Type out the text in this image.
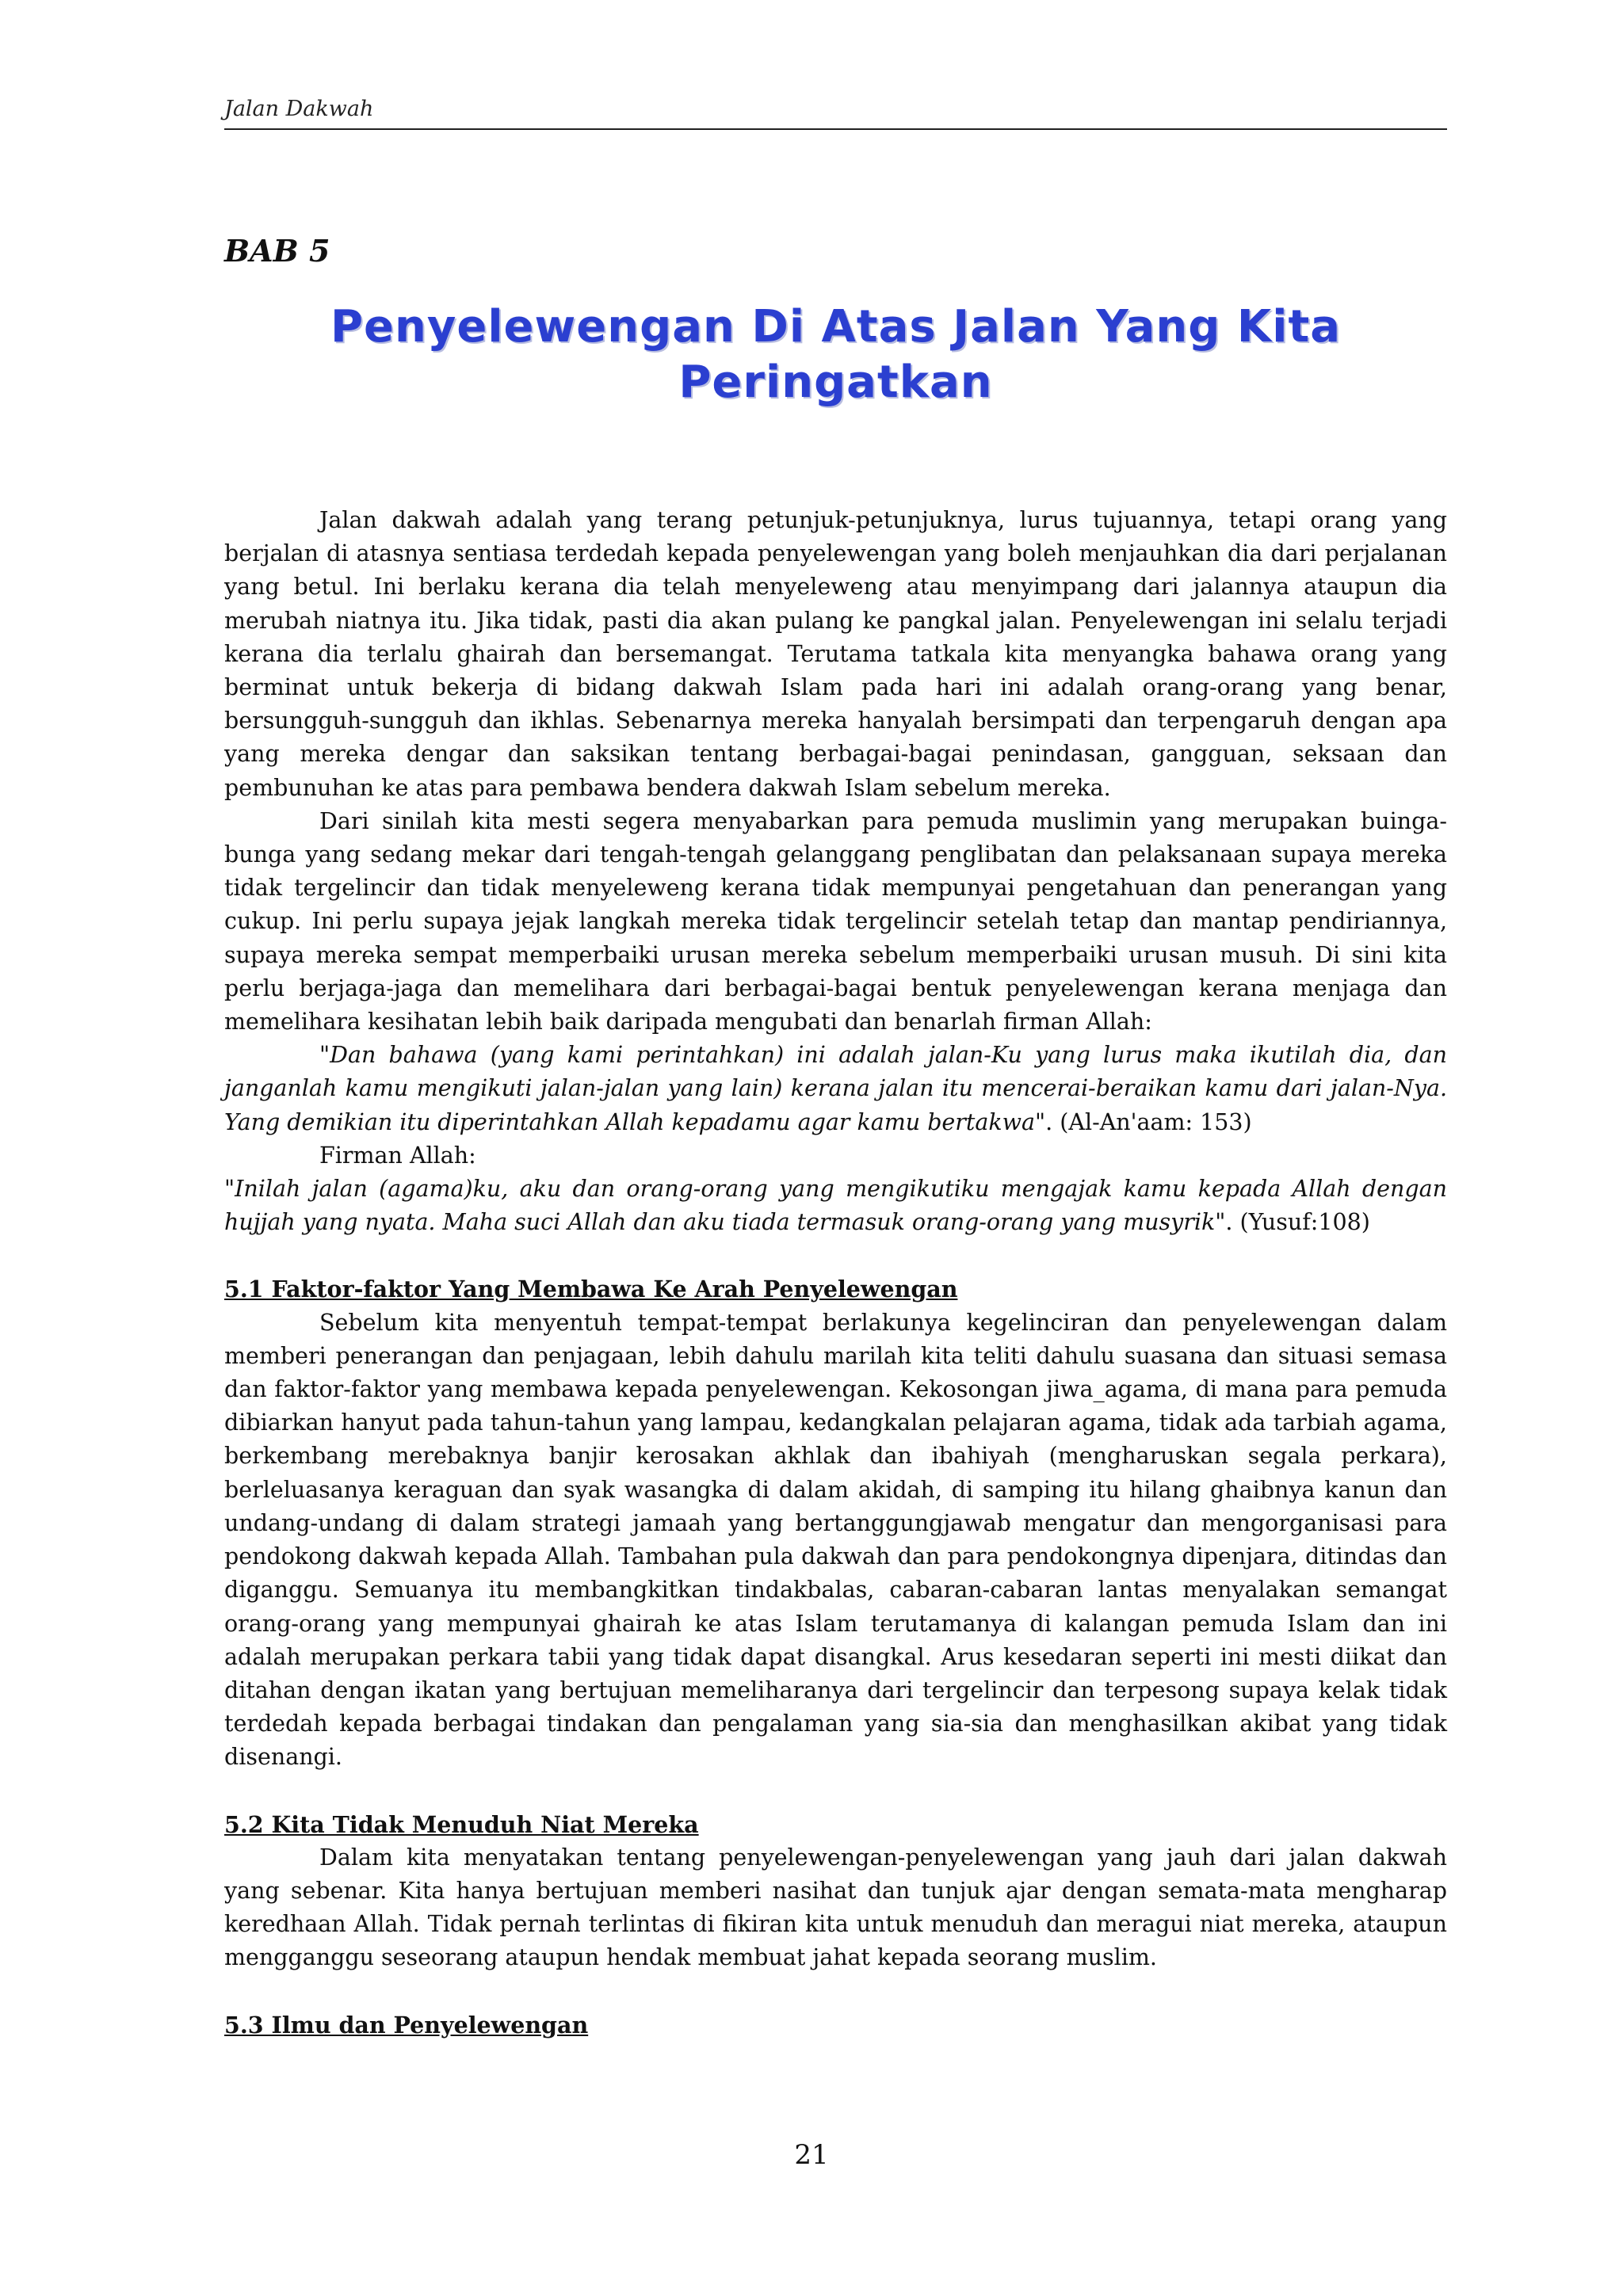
Jalan Dakwah
BAB 5
Penyelewengan Di Atas Jalan Yang Kita
Peringatkan

Jalan dakwah adalah yang terang petunjuk-petunjuknya, lurus tujuannya, tetapi orang yang berjalan di atasnya sentiasa terdedah kepada penyelewengan yang boleh menjauhkan dia dari perjalanan yang betul. Ini berlaku kerana dia telah menyeleweng atau menyimpang dari jalannya ataupun dia merubah niatnya itu. Jika tidak, pasti dia akan pulang ke pangkal jalan. Penyelewengan ini selalu terjadi kerana dia terlalu ghairah dan bersemangat. Terutama tatkala kita menyangka bahawa orang yang berminat untuk bekerja di bidang dakwah Islam pada hari ini adalah orang-orang yang benar, bersungguh-sungguh dan ikhlas. Sebenarnya mereka hanyalah bersimpati dan terpengaruh dengan apa yang mereka dengar dan saksikan tentang berbagai-bagai penindasan, gangguan, seksaan dan pembunuhan ke atas para pembawa bendera dakwah Islam sebelum mereka.

Dari sinilah kita mesti segera menyabarkan para pemuda muslimin yang merupakan buinga-bunga yang sedang mekar dari tengah-tengah gelanggang penglibatan dan pelaksanaan supaya mereka tidak tergelincir dan tidak menyeleweng kerana tidak mempunyai pengetahuan dan penerangan yang cukup. Ini perlu supaya jejak langkah mereka tidak tergelincir setelah tetap dan mantap pendiriannya, supaya mereka sempat memperbaiki urusan mereka sebelum memperbaiki urusan musuh. Di sini kita perlu berjaga-jaga dan memelihara dari berbagai-bagai bentuk penyelewengan kerana menjaga dan memelihara kesihatan lebih baik daripada mengubati dan benarlah firman Allah:

"Dan bahawa (yang kami perintahkan) ini adalah jalan-Ku yang lurus maka ikutilah dia, dan janganlah kamu mengikuti jalan-jalan yang lain) kerana jalan itu mencerai-beraikan kamu dari jalan-Nya. Yang demikian itu diperintahkan Allah kepadamu agar kamu bertakwa". (Al-An'aam: 153)

Firman Allah:

"Inilah jalan (agama)ku, aku dan orang-orang yang mengikutiku mengajak kamu kepada Allah dengan hujjah yang nyata. Maha suci Allah dan aku tiada termasuk orang-orang yang musyrik". (Yusuf:108)

5.1 Faktor-faktor Yang Membawa Ke Arah Penyelewengan

Sebelum kita menyentuh tempat-tempat berlakunya kegelinciran dan penyelewengan dalam memberi penerangan dan penjagaan, lebih dahulu marilah kita teliti dahulu suasana dan situasi semasa dan faktor-faktor yang membawa kepada penyelewengan. Kekosongan jiwa_agama, di mana para pemuda dibiarkan hanyut pada tahun-tahun yang lampau, kedangkalan pelajaran agama, tidak ada tarbiah agama, berkembang merebaknya banjir kerosakan akhlak dan ibahiyah (mengharuskan segala perkara), berleluasanya keraguan dan syak wasangka di dalam akidah, di samping itu hilang ghaibnya kanun dan undang-undang di dalam strategi jamaah yang bertanggungjawab mengatur dan mengorganisasi para pendokong dakwah kepada Allah. Tambahan pula dakwah dan para pendokongnya dipenjara, ditindas dan diganggu. Semuanya itu membangkitkan tindakbalas, cabaran-cabaran lantas menyalakan semangat orang-orang yang mempunyai ghairah ke atas Islam terutamanya di kalangan pemuda Islam dan ini adalah merupakan perkara tabii yang tidak dapat disangkal. Arus kesedaran seperti ini mesti diikat dan ditahan dengan ikatan yang bertujuan memeliharanya dari tergelincir dan terpesong supaya kelak tidak terdedah kepada berbagai tindakan dan pengalaman yang sia-sia dan menghasilkan akibat yang tidak disenangi.

5.2 Kita Tidak Menuduh Niat Mereka

Dalam kita menyatakan tentang penyelewengan-penyelewengan yang jauh dari jalan dakwah yang sebenar. Kita hanya bertujuan memberi nasihat dan tunjuk ajar dengan semata-mata mengharap keredhaan Allah. Tidak pernah terlintas di fikiran kita untuk menuduh dan meragui niat mereka, ataupun mengganggu seseorang ataupun hendak membuat jahat kepada seorang muslim.

5.3 Ilmu dan Penyelewengan

21
